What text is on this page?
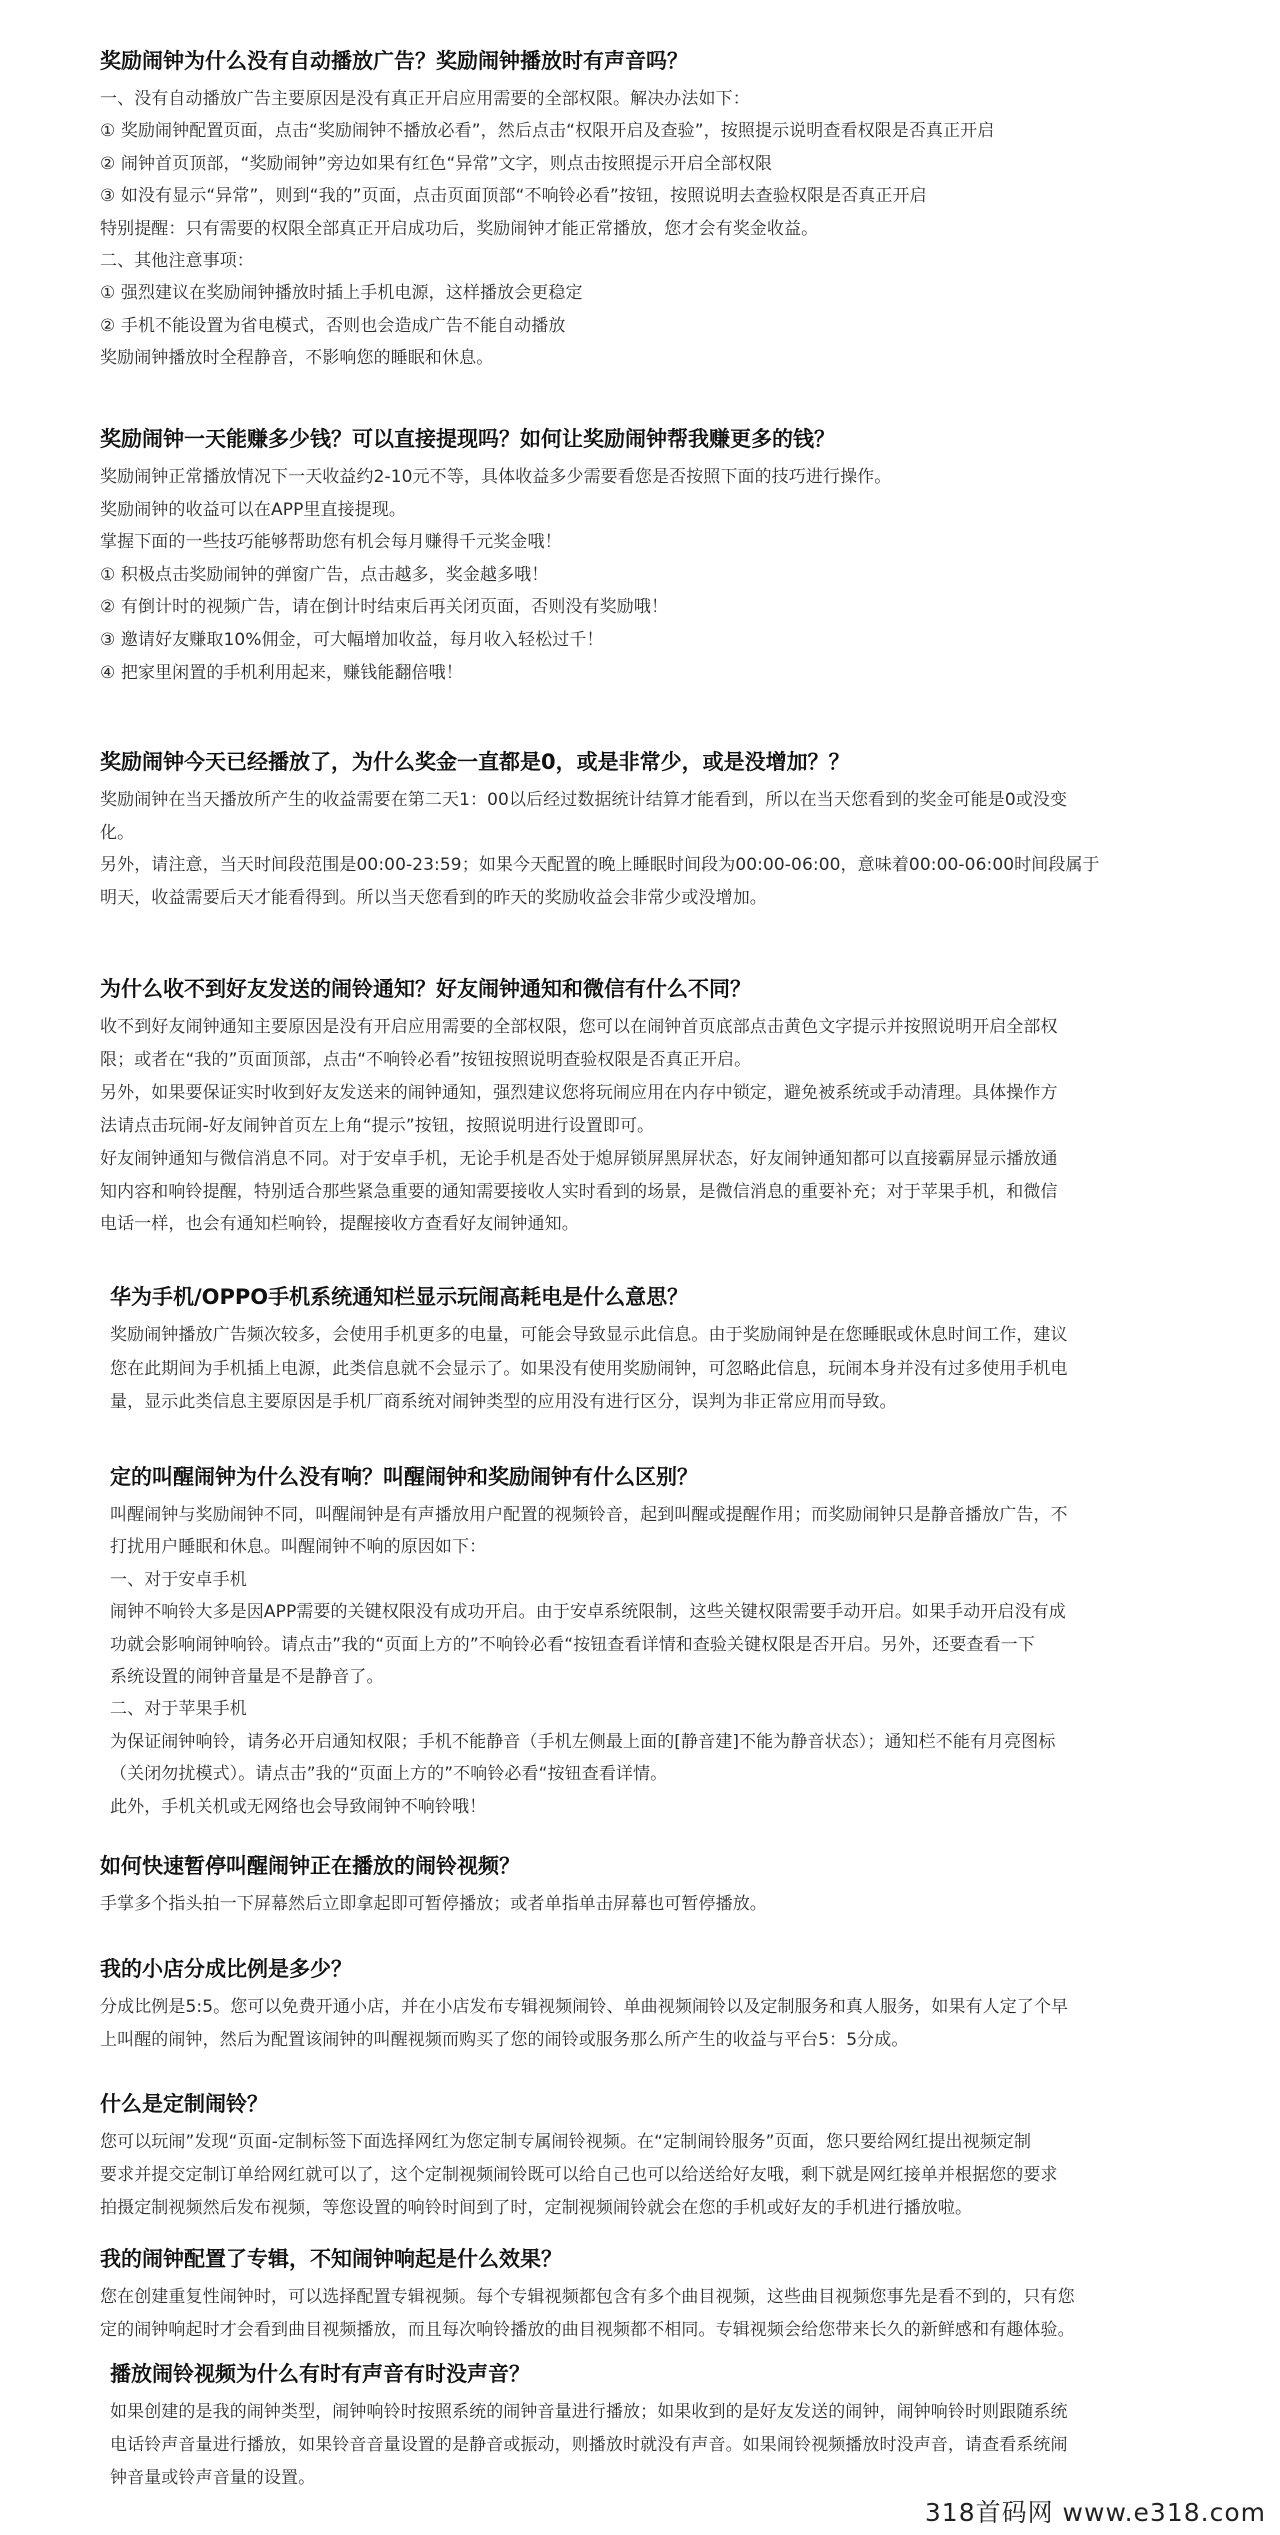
奖励闹钟为什么没有自动播放广告？奖励闹钟播放时有声音吗？

一、没有自动播放广告主要原因是没有真正开启应用需要的全部权限。解决办法如下：

① 奖励闹钟配置页面，点击“奖励闹钟不播放必看”，然后点击“权限开启及查验”，按照提示说明查看权限是否真正开启

② 闹钟首页顶部，“奖励闹钟”旁边如果有红色“异常”文字，则点击按照提示开启全部权限

③ 如没有显示“异常”，则到“我的”页面，点击页面顶部“不响铃必看”按钮，按照说明去查验权限是否真正开启

特别提醒：只有需要的权限全部真正开启成功后，奖励闹钟才能正常播放，您才会有奖金收益。

二、其他注意事项：

① 强烈建议在奖励闹钟播放时插上手机电源，这样播放会更稳定

② 手机不能设置为省电模式，否则也会造成广告不能自动播放

奖励闹钟播放时全程静音，不影响您的睡眠和休息。

奖励闹钟一天能赚多少钱？可以直接提现吗？如何让奖励闹钟帮我赚更多的钱？

奖励闹钟正常播放情况下一天收益约2-10元不等，具体收益多少需要看您是否按照下面的技巧进行操作。

奖励闹钟的收益可以在APP里直接提现。

掌握下面的一些技巧能够帮助您有机会每月赚得千元奖金哦！

① 积极点击奖励闹钟的弹窗广告，点击越多，奖金越多哦！

② 有倒计时的视频广告，请在倒计时结束后再关闭页面，否则没有奖励哦！

③ 邀请好友赚取10%佣金，可大幅增加收益，每月收入轻松过千！

④ 把家里闲置的手机利用起来，赚钱能翻倍哦！

奖励闹钟今天已经播放了，为什么奖金一直都是0，或是非常少，或是没增加？？

奖励闹钟在当天播放所产生的收益需要在第二天1：00以后经过数据统计结算才能看到，所以在当天您看到的奖金可能是0或没变

化。

另外，请注意，当天时间段范围是00:00-23:59；如果今天配置的晚上睡眠时间段为00:00-06:00，意味着00:00-06:00时间段属于

明天，收益需要后天才能看得到。所以当天您看到的昨天的奖励收益会非常少或没增加。

为什么收不到好友发送的闹铃通知？好友闹钟通知和微信有什么不同？

收不到好友闹钟通知主要原因是没有开启应用需要的全部权限，您可以在闹钟首页底部点击黄色文字提示并按照说明开启全部权

限；或者在“我的”页面顶部，点击“不响铃必看”按钮按照说明查验权限是否真正开启。

另外，如果要保证实时收到好友发送来的闹钟通知，强烈建议您将玩闹应用在内存中锁定，避免被系统或手动清理。具体操作方

法请点击玩闹-好友闹钟首页左上角“提示”按钮，按照说明进行设置即可。

好友闹钟通知与微信消息不同。对于安卓手机，无论手机是否处于熄屏锁屏黑屏状态，好友闹钟通知都可以直接霸屏显示播放通

知内容和响铃提醒，特别适合那些紧急重要的通知需要接收人实时看到的场景，是微信消息的重要补充；对于苹果手机，和微信

电话一样，也会有通知栏响铃，提醒接收方查看好友闹钟通知。

华为手机/OPPO手机系统通知栏显示玩闹高耗电是什么意思？

奖励闹钟播放广告频次较多，会使用手机更多的电量，可能会导致显示此信息。由于奖励闹钟是在您睡眠或休息时间工作，建议

您在此期间为手机插上电源，此类信息就不会显示了。如果没有使用奖励闹钟，可忽略此信息，玩闹本身并没有过多使用手机电

量，显示此类信息主要原因是手机厂商系统对闹钟类型的应用没有进行区分，误判为非正常应用而导致。

定的叫醒闹钟为什么没有响？叫醒闹钟和奖励闹钟有什么区别？

叫醒闹钟与奖励闹钟不同，叫醒闹钟是有声播放用户配置的视频铃音，起到叫醒或提醒作用；而奖励闹钟只是静音播放广告，不

打扰用户睡眠和休息。叫醒闹钟不响的原因如下：

一、对于安卓手机

闹钟不响铃大多是因APP需要的关键权限没有成功开启。由于安卓系统限制，这些关键权限需要手动开启。如果手动开启没有成

功就会影响闹钟响铃。请点击”我的“页面上方的”不响铃必看“按钮查看详情和查验关键权限是否开启。另外，还要查看一下

系统设置的闹钟音量是不是静音了。

二、对于苹果手机

为保证闹钟响铃，请务必开启通知权限；手机不能静音（手机左侧最上面的[静音建]不能为静音状态）；通知栏不能有月亮图标

（关闭勿扰模式）。请点击”我的“页面上方的”不响铃必看“按钮查看详情。

此外，手机关机或无网络也会导致闹钟不响铃哦！

如何快速暂停叫醒闹钟正在播放的闹铃视频？

手掌多个指头拍一下屏幕然后立即拿起即可暂停播放；或者单指单击屏幕也可暂停播放。

我的小店分成比例是多少？

分成比例是5:5。您可以免费开通小店，并在小店发布专辑视频闹铃、单曲视频闹铃以及定制服务和真人服务，如果有人定了个早

上叫醒的闹钟，然后为配置该闹钟的叫醒视频而购买了您的闹铃或服务那么所产生的收益与平台5：5分成。

什么是定制闹铃？

您可以玩闹”发现“页面-定制标签下面选择网红为您定制专属闹铃视频。在“定制闹铃服务”页面，您只要给网红提出视频定制

要求并提交定制订单给网红就可以了，这个定制视频闹铃既可以给自己也可以给送给好友哦，剩下就是网红接单并根据您的要求

拍摄定制视频然后发布视频，等您设置的响铃时间到了时，定制视频闹铃就会在您的手机或好友的手机进行播放啦。

我的闹钟配置了专辑，不知闹钟响起是什么效果？

您在创建重复性闹钟时，可以选择配置专辑视频。每个专辑视频都包含有多个曲目视频，这些曲目视频您事先是看不到的，只有您

定的闹钟响起时才会看到曲目视频播放，而且每次响铃播放的曲目视频都不相同。专辑视频会给您带来长久的新鲜感和有趣体验。

播放闹铃视频为什么有时有声音有时没声音？

如果创建的是我的闹钟类型，闹钟响铃时按照系统的闹钟音量进行播放；如果收到的是好友发送的闹钟，闹钟响铃时则跟随系统

电话铃声音量进行播放，如果铃音音量设置的是静音或振动，则播放时就没有声音。如果闹铃视频播放时没声音，请查看系统闹

钟音量或铃声音量的设置。

318首码网 www.e318.com
